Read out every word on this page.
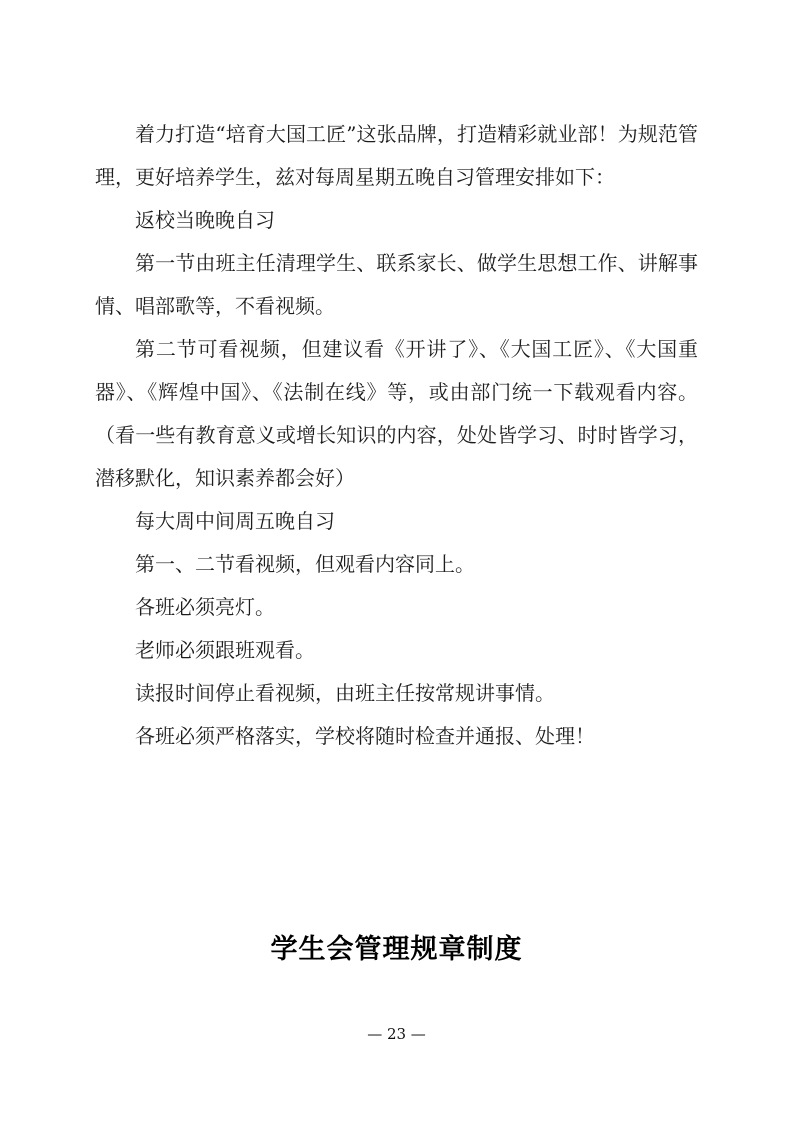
着力打造“培育大国工匠”这张品牌，打造精彩就业部！为规范管理，更好培养学生，兹对每周星期五晚自习管理安排如下：

返校当晚晚自习

第一节由班主任清理学生、联系家长、做学生思想工作、讲解事情、唱部歌等，不看视频。

第二节可看视频，但建议看《开讲了》、《大国工匠》、《大国重器》、《辉煌中国》、《法制在线》等，或由部门统一下载观看内容。（看一些有教育意义或增长知识的内容，处处皆学习、时时皆学习，潜移默化，知识素养都会好）

每大周中间周五晚自习

第一、二节看视频，但观看内容同上。

各班必须亮灯。

老师必须跟班观看。

读报时间停止看视频，由班主任按常规讲事情。

各班必须严格落实，学校将随时检查并通报、处理！

学生会管理规章制度
— 23 —
